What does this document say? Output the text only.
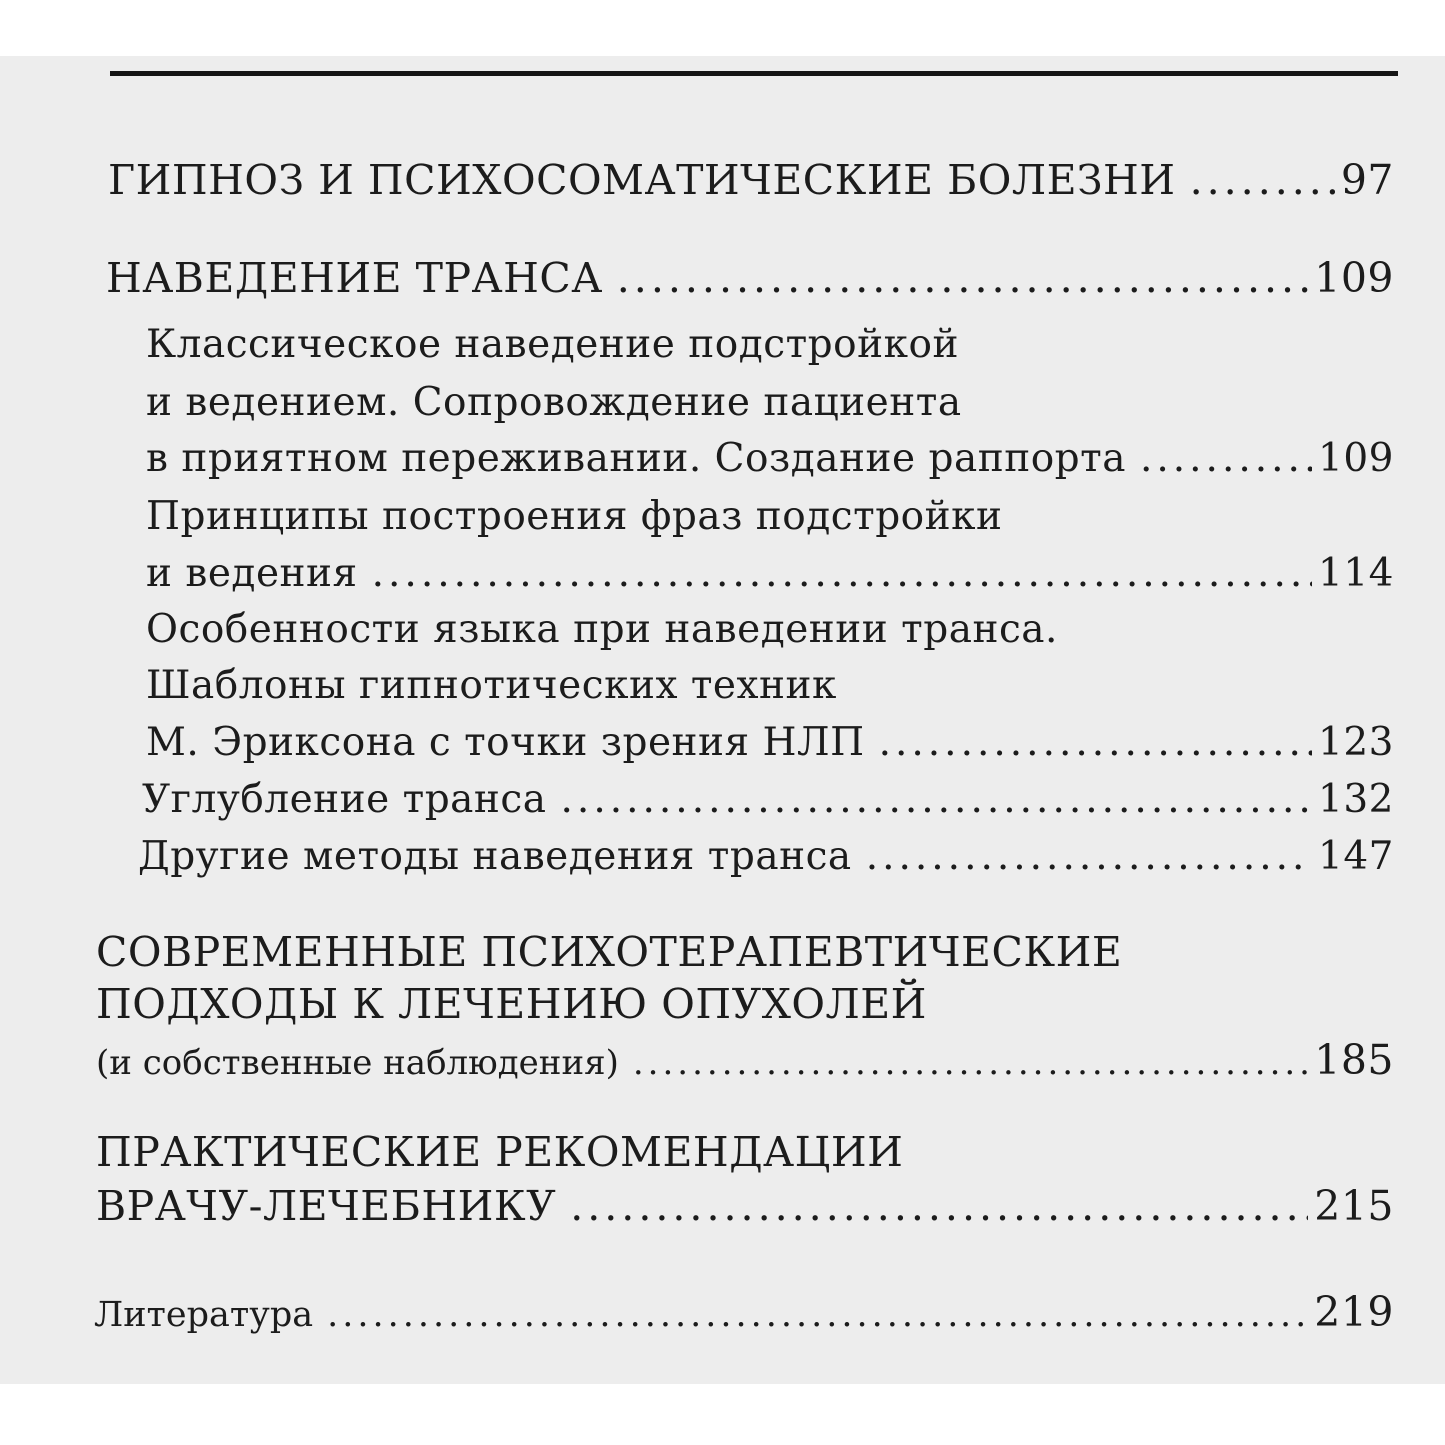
ГИПНОЗ И ПСИХОСОМАТИЧЕСКИЕ БОЛЕЗНИ .....	97
НАВЕДЕНИЕ ТРАНСА .....	109
Классическое наведение подстройкой
и ведением. Сопровождение пациента
в приятном переживании. Создание раппорта .....	109
Принципы построения фраз подстройки
и ведения .....	114
Особенности языка при наведении транса.
Шаблоны гипнотических техник
М. Эриксона с точки зрения НЛП .....	123
Углубление транса .....	132
Другие методы наведения транса .....	147
СОВРЕМЕННЫЕ ПСИХОТЕРАПЕВТИЧЕСКИЕ
ПОДХОДЫ К ЛЕЧЕНИЮ ОПУХОЛЕЙ
(и собственные наблюдения) .....	185
ПРАКТИЧЕСКИЕ РЕКОМЕНДАЦИИ
ВРАЧУ-ЛЕЧЕБНИКУ .....	215
Литература .....	219
